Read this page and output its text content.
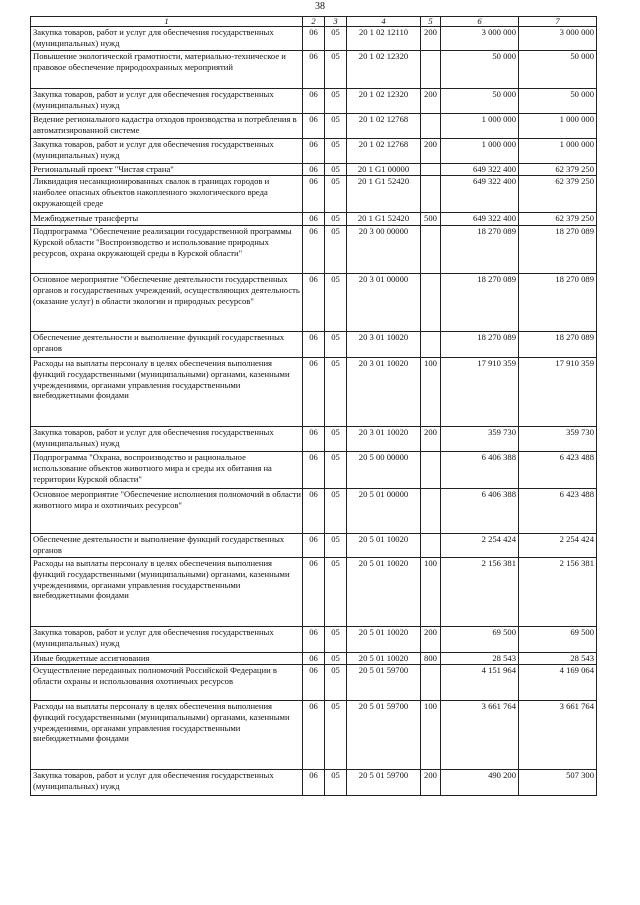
38
1	2	3	4	5	6	7
Закупка товаров, работ и услуг для обеспечения государственных (муниципальных) нужд	06	05	20 1 02 12110	200	3 000 000	3 000 000
Повышение экологической грамотности, материально-техническое и правовое обеспечение природоохранных мероприятий	06	05	20 1 02 12320		50 000	50 000
Закупка товаров, работ и услуг для обеспечения государственных (муниципальных) нужд	06	05	20 1 02 12320	200	50 000	50 000
Ведение регионального кадастра отходов производства и потребления в автоматизированной системе	06	05	20 1 02 12768		1 000 000	1 000 000
Закупка товаров, работ и услуг для обеспечения государственных (муниципальных) нужд	06	05	20 1 02 12768	200	1 000 000	1 000 000
Региональный проект "Чистая страна"	06	05	20 1 G1 00000		649 322 400	62 379 250
Ликвидация несанкционированных свалок в границах городов и наиболее опасных объектов накопленного экологического вреда окружающей среде	06	05	20 1 G1 52420		649 322 400	62 379 250
Межбюджетные трансферты	06	05	20 1 G1 52420	500	649 322 400	62 379 250
Подпрограмма "Обеспечение реализации государственной программы Курской области "Воспроизводство и использование природных ресурсов, охрана окружающей среды в Курской области"	06	05	20 3 00 00000		18 270 089	18 270 089
Основное мероприятие "Обеспечение деятельности государственных органов и государственных учреждений, осуществляющих деятельность (оказание услуг) в области экологии и природных ресурсов"	06	05	20 3 01 00000		18 270 089	18 270 089
Обеспечение деятельности и выполнение функций государственных органов	06	05	20 3 01 10020		18 270 089	18 270 089
Расходы на выплаты персоналу в целях обеспечения выполнения функций государственными (муниципальными) органами, казенными учреждениями, органами управления государственными внебюджетными фондами	06	05	20 3 01 10020	100	17 910 359	17 910 359
Закупка товаров, работ и услуг для обеспечения государственных (муниципальных) нужд	06	05	20 3 01 10020	200	359 730	359 730
Подпрограмма "Охрана, воспроизводство и рациональное использование объектов животного мира и среды их обитания на территории Курской области"	06	05	20 5 00 00000		6 406 388	6 423 488
Основное мероприятие "Обеспечение исполнения полномочий в области животного мира и охотничьих ресурсов"	06	05	20 5 01 00000		6 406 388	6 423 488
Обеспечение деятельности и выполнение функций государственных органов	06	05	20 5 01 10020		2 254 424	2 254 424
Расходы на выплаты персоналу в целях обеспечения выполнения функций государственными (муниципальными) органами, казенными учреждениями, органами управления государственными внебюджетными фондами	06	05	20 5 01 10020	100	2 156 381	2 156 381
Закупка товаров, работ и услуг для обеспечения государственных (муниципальных) нужд	06	05	20 5 01 10020	200	69 500	69 500
Иные бюджетные ассигнования	06	05	20 5 01 10020	800	28 543	28 543
Осуществление переданных полномочий Российской Федерации в области охраны и использования охотничьих ресурсов	06	05	20 5 01 59700		4 151 964	4 169 064
Расходы на выплаты персоналу в целях обеспечения выполнения функций государственными (муниципальными) органами, казенными учреждениями, органами управления государственными внебюджетными фондами	06	05	20 5 01 59700	100	3 661 764	3 661 764
Закупка товаров, работ и услуг для обеспечения государственных (муниципальных) нужд	06	05	20 5 01 59700	200	490 200	507 300
